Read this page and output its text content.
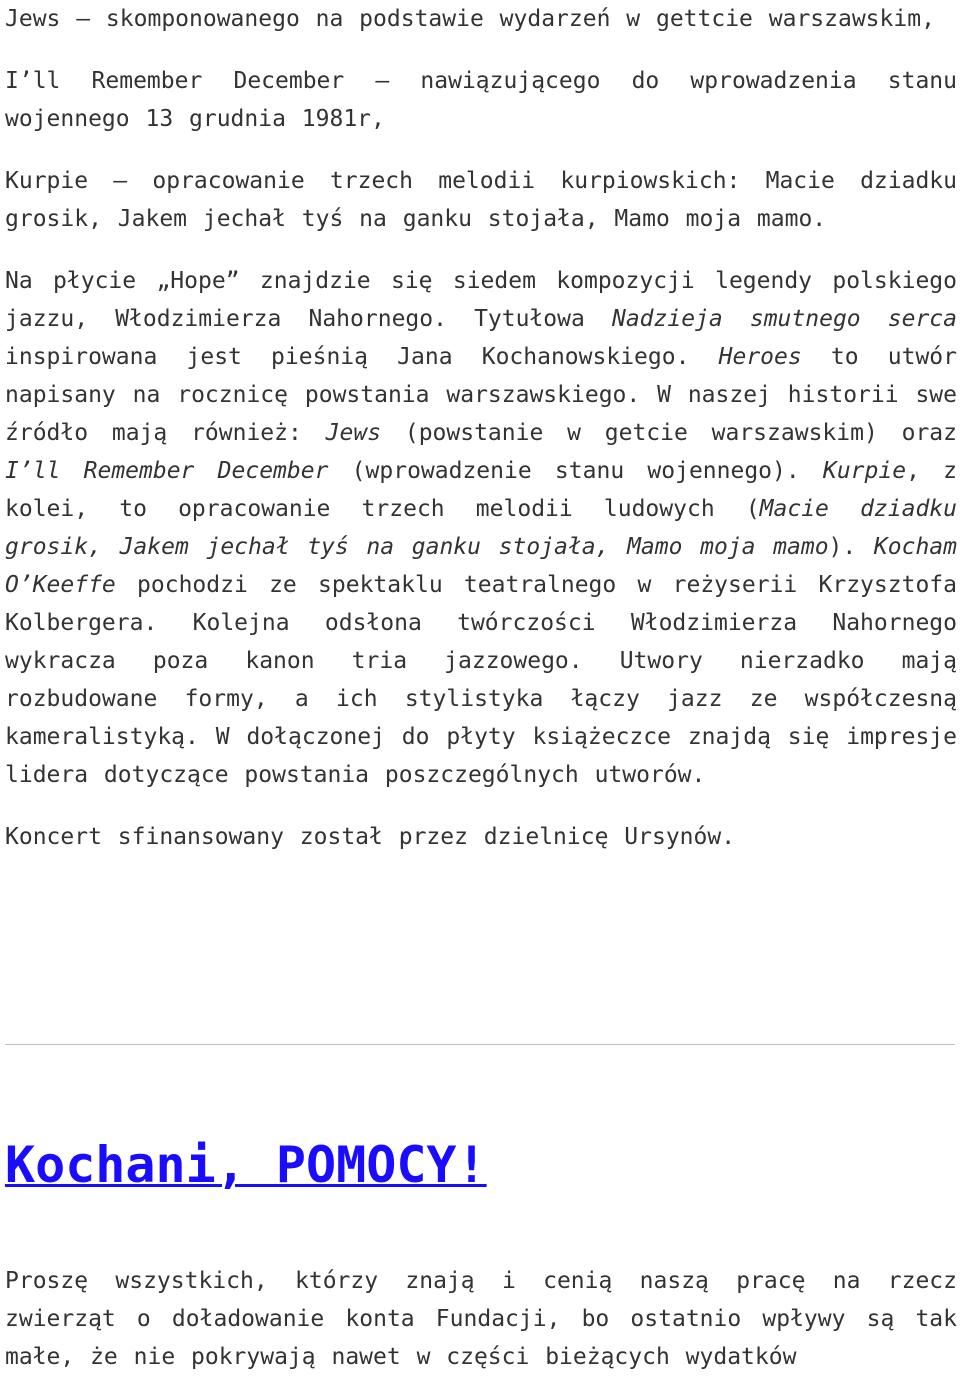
Jews – skomponowanego na podstawie wydarzeń w gettcie warszawskim,

I’ll Remember December – nawiązującego do wprowadzenia stanu wojennego 13 grudnia 1981r,

Kurpie – opracowanie trzech melodii kurpiowskich: Macie dziadku grosik, Jakem jechał tyś na ganku stojała, Mamo moja mamo.

Na płycie „Hope” znajdzie się siedem kompozycji legendy polskiego jazzu, Włodzimierza Nahornego. Tytułowa Nadzieja smutnego serca inspirowana jest pieśnią Jana Kochanowskiego. Heroes to utwór napisany na rocznicę powstania warszawskiego. W naszej historii swe źródło mają również: Jews (powstanie w getcie warszawskim) oraz I’ll Remember December (wprowadzenie stanu wojennego). Kurpie, z kolei, to opracowanie trzech melodii ludowych (Macie dziadku grosik, Jakem jechał tyś na ganku stojała, Mamo moja mamo). Kocham O’Keeffe pochodzi ze spektaklu teatralnego w reżyserii Krzysztofa Kolbergera. Kolejna odsłona twórczości Włodzimierza Nahornego wykracza poza kanon tria jazzowego. Utwory nierzadko mają rozbudowane formy, a ich stylistyka łączy jazz ze współczesną kameralistyką. W dołączonej do płyty książeczce znajdą się impresje lidera dotyczące powstania poszczególnych utworów.

Koncert sfinansowany został przez dzielnicę Ursynów.

Kochani, POMOCY!

Proszę wszystkich, którzy znają i cenią naszą pracę na rzecz zwierząt o doładowanie konta Fundacji, bo ostatnio wpływy są tak małe, że nie pokrywają nawet w części bieżących wydatków
